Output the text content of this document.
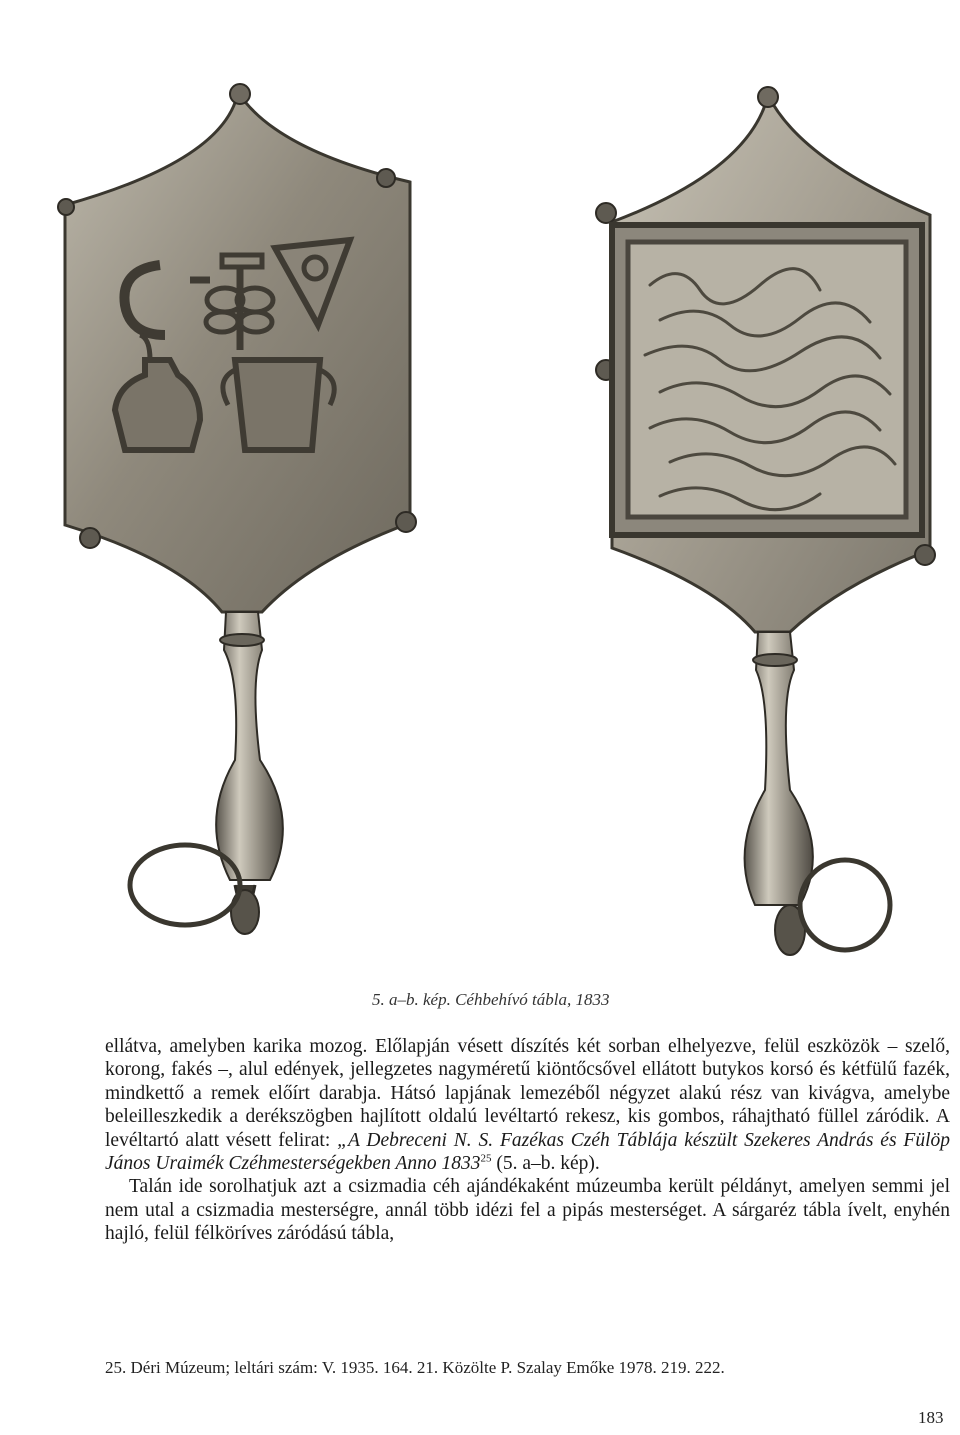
5. a–b. kép. Céhbehívó tábla, 1833

ellátva, amelyben karika mozog. Előlapján vésett díszítés két sorban elhelyezve, felül eszközök – szelő, korong, fakés –, alul edények, jellegzetes nagyméretű kiöntőcsővel ellátott butykos korsó és kétfülű fazék, mindkettő a remek előírt darabja. Hátsó lapjának lemezéből négyzet alakú rész van kivágva, amelybe beleilleszkedik a derékszögben hajlított oldalú levéltartó rekesz, kis gombos, ráhajtható füllel záródik. A levéltartó alatt vésett felirat: „A Debreceni N. S. Fazékas Czéh Táblája készült Szekeres András és Fülöp János Uraimék Czéhmesterségekben Anno 1833$^{25}$ (5. a–b. kép).

Talán ide sorolhatjuk azt a csizmadia céh ajándékaként múzeumba került példányt, amelyen semmi jel nem utal a csizmadia mesterségre, annál több idézi fel a pipás mesterséget. A sárgaréz tábla ívelt, enyhén hajló, felül félköríves záródású tábla,

25. Déri Múzeum; leltári szám: V. 1935. 164. 21. Közölte P. Szalay Emőke 1978. 219. 222.
183
